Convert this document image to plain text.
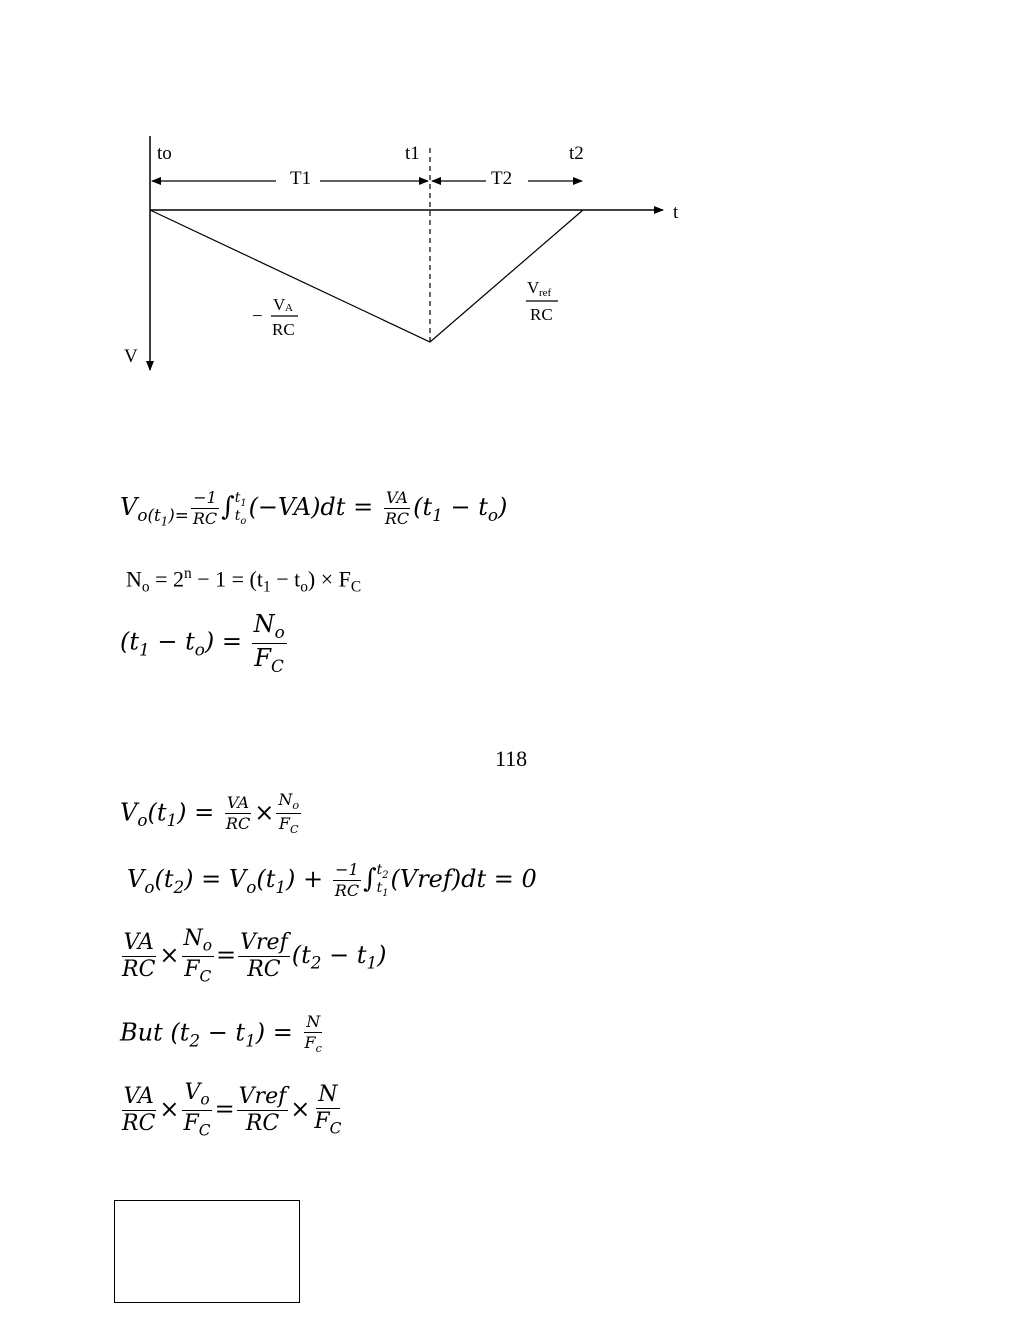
to	t1	t2
T1	T2
t
V
−
V A
RC
V ref
RC
$V_{o(t_1)=} \frac{-1}{RC}$ ∫ $t_1$
$t_o$ $(-VA)dt = \frac{VA}{RC} (t_1 - t_o)$
$N_o = 2^n - 1 = (t_1 - t_o) \times F_C$
$(t_1 - t_o) = \frac{N_o}{F_C}$
118
$V_o(t_1) = \frac{VA}{RC} \times \frac{N_o}{F_C}$
$V_o(t_2) = V_o(t_1) + \frac{-1}{RC}$ ∫ $t_2$
$t_1$ (Vref)dt = 0
$\frac{VA}{RC} \times \frac{N_o}{F_C} = \frac{\text{Vref}}{RC} (t_2 - t_1)$
But $(t_2 - t_1) = \frac{N}{F_c}$
$\frac{VA}{RC} \times \frac{V_o}{F_C} = \frac{\text{Vref}}{RC} \times \frac{N}{F_C}$
